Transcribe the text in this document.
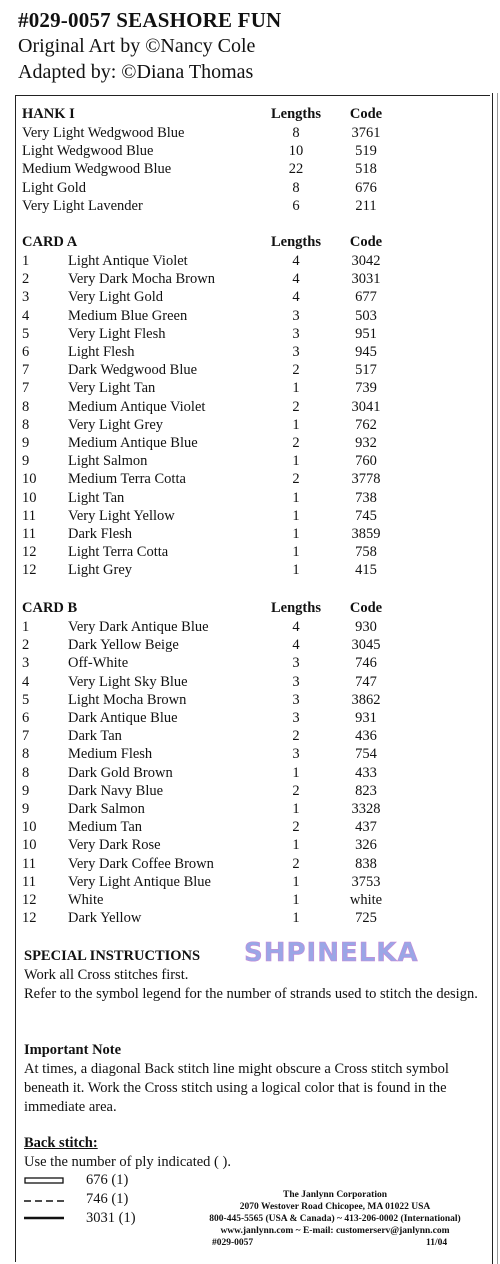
#029-0057 SEASHORE FUN
Original Art by ©Nancy Cole
Adapted by: ©Diana Thomas
HANK I	Lengths	Code
Very Light Wedgwood Blue	8	3761
Light Wedgwood Blue	10	519
Medium Wedgwood Blue	22	518
Light Gold	8	676
Very Light Lavender	6	211
CARD A	Lengths	Code
1	Light Antique Violet	4	3042
2	Very Dark Mocha Brown	4	3031
3	Very Light Gold	4	677
4	Medium Blue Green	3	503
5	Very Light Flesh	3	951
6	Light Flesh	3	945
7	Dark Wedgwood Blue	2	517
7	Very Light Tan	1	739
8	Medium Antique Violet	2	3041
8	Very Light Grey	1	762
9	Medium Antique Blue	2	932
9	Light Salmon	1	760
10 Medium Terra Cotta	2	3778
10 Light Tan	1	738
11 Very Light Yellow	1	745
11 Dark Flesh	1	3859
12 Light Terra Cotta	1	758
12 Light Grey	1	415
CARD B	Lengths	Code
1	Very Dark Antique Blue	4	930
2	Dark Yellow Beige	4	3045
3	Off-White	3	746
4	Very Light Sky Blue	3	747
5	Light Mocha Brown	3	3862
6	Dark Antique Blue	3	931
7	Dark Tan	2	436
8	Medium Flesh	3	754
8	Dark Gold Brown	1	433
9	Dark Navy Blue	2	823
9	Dark Salmon	1	3328
10 Medium Tan	2	437
10 Very Dark Rose	1	326
11 Very Dark Coffee Brown	2	838
11 Very Light Antique Blue	1	3753
12 White	1	white
12 Dark Yellow	1	725
SPECIAL INSTRUCTIONS
Work all Cross stitches first.
Refer to the symbol legend for the number of strands used to stitch the design.
Important Note
At times, a diagonal Back stitch line might obscure a Cross stitch symbol beneath it. Work the Cross stitch using a logical color that is found in the immediate area.
Back stitch:
Use the number of ply indicated ( ).
676 (1)
746 (1)
3031 (1)
SHPINELKA
The Janlynn Corporation
2070 Westover Road Chicopee, MA 01022 USA
800-445-5565 (USA & Canada) ~ 413-206-0002 (International)
www.janlynn.com ~ E-mail: customerserv@janlynn.com
#029-0057	11/04
